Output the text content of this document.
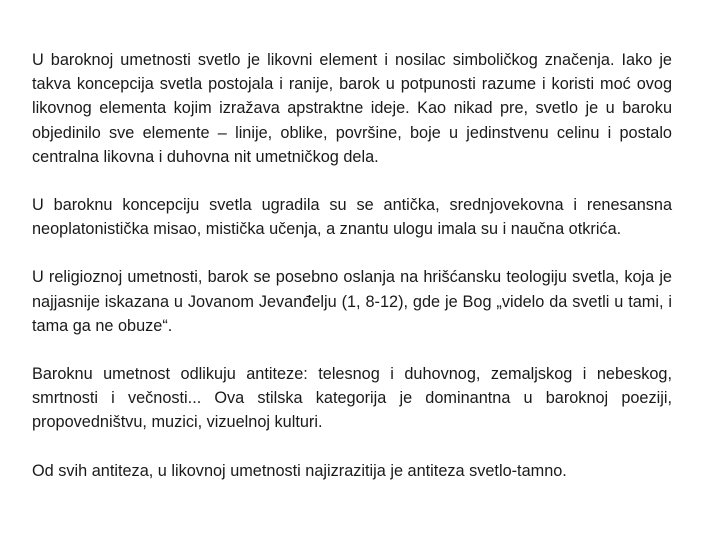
U baroknoj umetnosti svetlo je likovni element i nosilac simboličkog značenja. Iako je takva koncepcija svetla postojala i ranije, barok u potpunosti razume i koristi moć ovog likovnog elementa kojim izražava apstraktne ideje. Kao nikad pre, svetlo je u baroku objedinilo sve elemente – linije, oblike, površine, boje u jedinstvenu celinu i postalo centralna likovna i duhovna nit umetničkog dela.

U baroknu koncepciju svetla ugradila su se antička, srednjovekovna i renesansna neoplatonistička misao, mistička učenja, a znantu ulogu imala su i naučna otkrića.

U religioznoj umetnosti, barok se posebno oslanja na hrišćansku teologiju svetla, koja je najjasnije iskazana u Jovanom Jevanđelju (1, 8-12), gde je Bog „videlo da svetli u tami, i tama ga ne obuze“.

Baroknu umetnost odlikuju antiteze: telesnog i duhovnog, zemaljskog i nebeskog, smrtnosti i večnosti... Ova stilska kategorija je dominantna u baroknoj poeziji, propovedništvu, muzici, vizuelnoj kulturi.

Od svih antiteza, u likovnoj umetnosti najizrazitija je antiteza svetlo-tamno.
